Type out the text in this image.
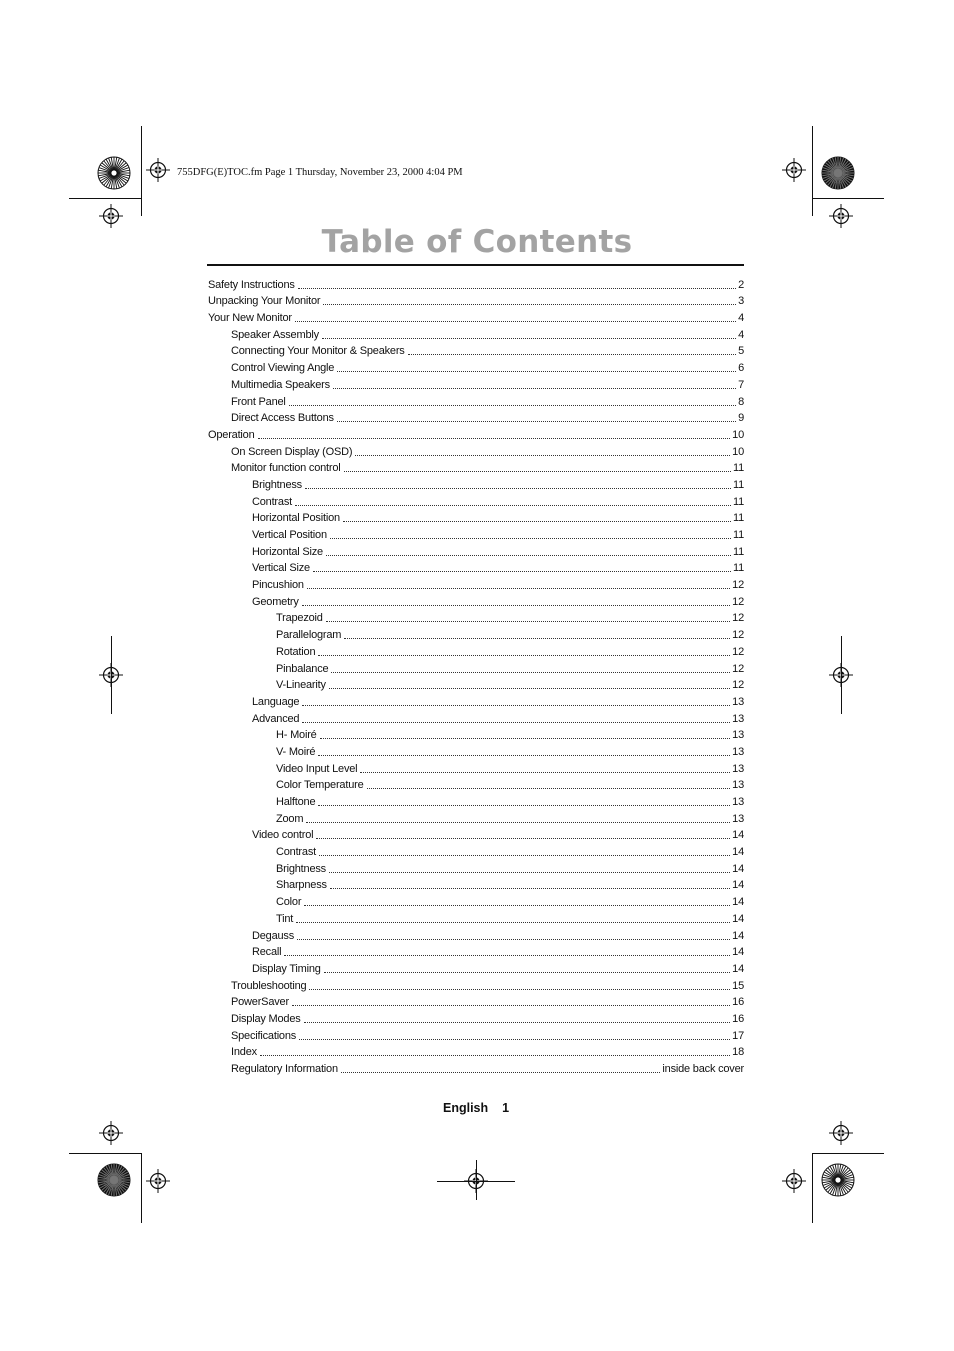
755DFG(E)TOC.fm Page 1 Thursday, November 23, 2000 4:04 PM
Table of Contents
Safety Instructions	2
Unpacking Your Monitor	3
Your New Monitor	4
Speaker Assembly	4
Connecting Your Monitor & Speakers	5
Control Viewing Angle	6
Multimedia Speakers	7
Front Panel	8
Direct Access Buttons	9
Operation	10
On Screen Display (OSD)	10
Monitor function control	11
Brightness	11
Contrast	11
Horizontal Position	11
Vertical Position	11
Horizontal Size	11
Vertical Size	11
Pincushion	12
Geometry	12
Trapezoid	12
Parallelogram	12
Rotation	12
Pinbalance	12
V-Linearity	12
Language	13
Advanced	13
H- Moiré	13
V- Moiré	13
Video Input Level	13
Color Temperature	13
Halftone	13
Zoom	13
Video control	14
Contrast	14
Brightness	14
Sharpness	14
Color	14
Tint	14
Degauss	14
Recall	14
Display Timing	14
Troubleshooting	15
PowerSaver	16
Display Modes	16
Specifications	17
Index	18
Regulatory Information	inside back cover
English 1
